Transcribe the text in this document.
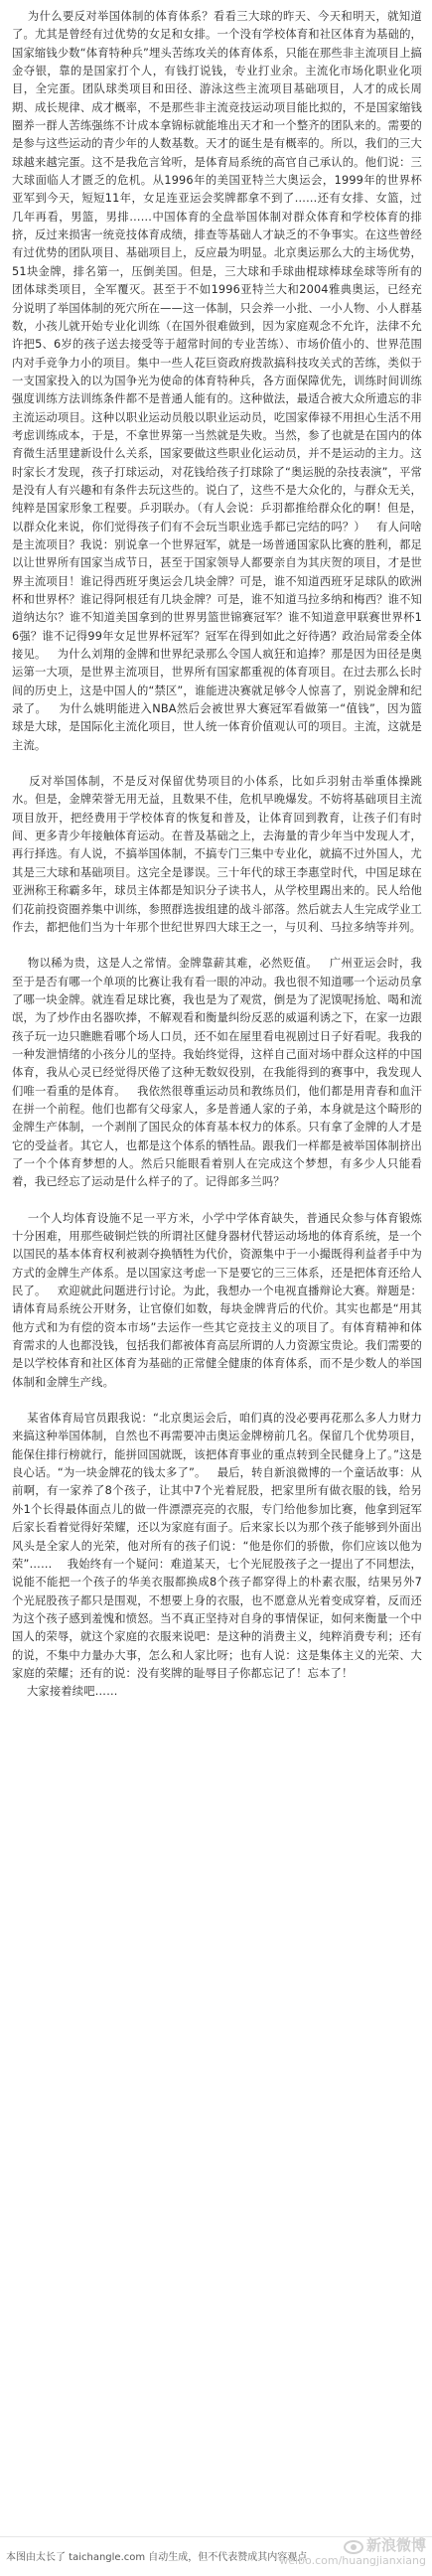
为什么要反对举国体制的体育体系？看看三大球的昨天、今天和明天，就知道了。尤其是曾经有过优势的女足和女排。一个没有学校体育和社区体育为基础的，国家缩钱少数“体育特种兵”埋头苦练攻关的体育体系，只能在那些非主流项目上搞金夺银，靠的是国家打个人，有钱打说钱，专业打业余。主流化市场化职业化项目，全完蛋。团队球类项目和田径、游泳这些主流项目基础项目，人才的成长周期、成长规律、成才概率，不是那些非主流竞技运动项目能比拟的，不是国家缩钱圈养一群人苦练强练不计成本拿锦标就能堆出天才和一个整齐的团队来的。需要的是参与这些运动的青少年的人数基数。天才的诞生是有概率的。所以，我们的三大球越来越完蛋。这不是我危言耸听，是体育局系统的高官自己承认的。他们说：三大球面临人才匮乏的危机。从1996年的美国亚特兰大奥运会，1999年的世界杯亚军到今天，短短11年，女足连亚运会奖牌都拿不到了……还有女排、女篮，过几年再看，男篮，男排……中国体育的全盘举国体制对群众体育和学校体育的排挤，反过来损害一统竞技体育成绩，排查等基础人才缺乏的不争事实。在这些曾经有过优势的团队项目、基础项目上，反应最为明显。北京奥运那么大的主场优势，51块金牌，排名第一，压倒美国。但是，三大球和手球曲棍球棒球垒球等所有的团体球类项目，全军覆灭。甚至于不如1996亚特兰大和2004雅典奥运，已经充分说明了举国体制的死穴所在——这一体制，只会养一小批、一小人物、小人群基数，小孩儿就开始专业化训练（在国外很难做到，因为家庭观念不允许，法律不允许把5、6岁的孩子送去接受等于超常时间的专业苦练）、市场价值小的、世界范围内对手竞争力小的项目。集中一些人花巨资政府拨款搞科技攻关式的苦练，类似于一支国家投入的以为国争光为使命的体育特种兵，各方面保障优先，训练时间训练强度训练方法训练条件都不是普通人能有的。这种做法，最适合被大众所遗忘的非主流运动项目。这种以职业运动员般以职业运动员，吃国家俸禄不用担心生活不用考虑训练成本，于是，不拿世界第一当然就是失败。当然，参了也就是在国内的体育微生活里建新设什么关系，国家要做这些职业化运动员，并不是运动的主力。这时家长才发现，孩子打球运动，对花钱给孩子打球除了“奥运脱的杂技表演”，平常是没有人有兴趣和有条件去玩这些的。说白了，这些不是大众化的，与群众无关，纯粹是国家形象工程要。乒羽联办。（有人会说：乒羽都推给群众化的啊！但是，以群众化来说，你们觉得孩子们有不会玩当职业选手都已完结的吗？）   有人问啥是主流项目？我说：别说拿一个世界冠军，就是一场普通国家队比赛的胜利，都足以让世界所有国家当成节日，甚至于国家领导人都要亲自为其庆贺的项目，才是世界主流项目！谁记得西班牙奥运会几块金牌？可是，谁不知道西班牙足球队的欧洲杯和世界杯？谁记得阿根廷有几块金牌？可是，谁不知道马拉多纳和梅西？谁不知道纳达尔？谁不知道美国拿到的世界男篮世锦赛冠军？谁不知道意甲联赛世界杯16强？谁不记得99年女足世界杯冠军？冠军在得到如此之好待遇？政治局常委全体接见。   为什么刘翔的金牌和世界纪录那么令国人疯狂和追捧？那是因为田径是奥运第一大项，是世界主流项目，世界所有国家都重视的体育项目。在过去那么长时间的历史上，这是中国人的“禁区”，谁能进决赛就足够令人惊喜了，别说金牌和纪录了。   为什么姚明能进入NBA然后会被世界大赛冠军看做第一“值钱”，因为篮球是大球，是国际化主流化项目，世人统一体育价值观认可的项目。主流，这就是主流。

反对举国体制，不是反对保留优势项目的小体系，比如乒羽射击举重体操跳水。但是，金牌荣誉无用无益，且数果不佳，危机早晚爆发。不妨将基础项目主流项目放开，把经费用于学校体育的恢复和普及，让体育回到教育，让孩子们有时间、更多青少年接触体育运动。在普及基础之上，去海量的青少年当中发现人才，再行择选。有人说，不搞举国体制，不搞专门三集中专业化，就搞不过外国人，尤其是三大球和基础项目。这完全是谬误。三十年代的球王李惠堂时代，中国足球在亚洲称王称霸多年，球员主体都是知识分子读书人，从学校里踢出来的。民人给他们花前投资圈养集中训练，参照群选拔组建的战斗部落。然后就去人生完成学业工作去，都把他们当为十年那个世纪世界四大球王之一，与贝利、马拉多纳等并列。

物以稀为贵，这是人之常情。金牌靠薪其难，必然贬值。   广州亚运会时，我至于是否有哪一个单项的比赛让我有看一眼的冲动。我也很不知道哪一个运动员拿了哪一块金牌。就连看足球比赛，我也是为了观赏，倒是为了泥馍呢扬尬、喝和流氓，为了炒作由名器吹捧，不解观看和衡量纠纷反恶的威逼利诱之下，在家一边跟孩子玩一边只瞧瞧看哪个场人口员，还不如在屋里看电视剧过日子好看呢。我我的一种发泄情绪的小孩分儿的坚持。我始终觉得，这样自己面对场中群众这样的中国体育，我从心灵已经觉得厌倦了这种无数奴役别，在我能得到的赛事中，我发现人们唯一看重的是体育。   我依然很尊重运动员和教练员们，他们都是用青春和血汗在拼一个前程。他们也都有父母家人，多是普通人家的子弟，本身就是这个畸形的金牌生产体制，一个剥削了国民众的体育基本权力的体系。只有拿了金牌的人才是它的受益者。其它人，也都是这个体系的牺牲品。跟我们一样都是被举国体制挤出了一个个体育梦想的人。然后只能眼看着别人在完成这个梦想，有多少人只能看着，我已经忘了运动是什么样子的了。记得郎多兰吗？

一个人均体育设施不足一平方米，小学中学体育缺失，普通民众参与体育锻炼十分困难，用那些破铜烂铁的所谓社区健身器材代替运动场地的体育系统，是一个以国民的基本体育权利被剥夺换牺牲为代价，资源集中于一小撮既得利益者手中为方式的金牌生产体系。是以国家这考虑一下是要它的三三体系，还是把体育还给人民了。   欢迎就此问题进行讨论。为此，我想办一个电视直播辩论大赛。辩题是：请体育局系统公开财务，让官僚们如数，每块金牌背后的代价。其实也都是“用其他方式和为有偿的资本市场”去运作一些其它竞技主义的项目了。有体育精神和体育需求的人也都没钱，包括我们都被体育高层所谓的人力资源宝贵论。我们需要的是以学校体育和社区体育为基础的正常健全健康的体育体系，而不是少数人的举国体制和金牌生产线。

某省体育局官员跟我说：“北京奥运会后，咱们真的没必要再花那么多人力财力来搞这种举国体制，自然也不再需要冲击奥运金牌榜前几名。保留几个优势项目，能保住排行榜就行，能拼回国就既，该把体育事业的重点转到全民健身上了。”这是良心话。“为一块金牌花的钱太多了”。   最后，转自新浪微博的一个童话故事：从前啊，有一家养了8个孩子，让其中7个光着屁股，把家里所有做衣服的钱，给另外1个长得最体面点儿的做一件漂漂亮亮的衣服，专门给他参加比赛，他拿到冠军后家长看着觉得好荣耀，还以为家庭有面子。后来家长以为那个孩子能够到外面出风头是全家人的光荣，他对所有的孩子们说：“他是你们的骄傲，你们应该以他为荣”……    我始终有一个疑问：难道某天，七个光屁股孩子之一提出了不同想法，说能不能把一个孩子的华美衣服都换成8个孩子都穿得上的朴素衣服，结果另外7个光屁股孩子都只是围观，不想要上身的衣服，也不愿意从光着变成穿着，反而还为这个孩子感到羞愧和愤怒。当不真正坚持对自身的事情保证，如何来衡量一个中国人的荣辱，就这个家庭的衣服来说吧：是这种的消费主义，纯粹消费专利；还有的说，不集中力量办大事，怎么和人家比呀；也有人说：这是集体主义的光荣、大家庭的荣耀；还有的说：没有奖牌的耻辱目子你都忘记了！忘本了！

大家接着续吧……

本图由太长了 taichangle.com 自动生成，但不代表赞成其内容观点
新浪微博
weibo.com/huangjianxiang
